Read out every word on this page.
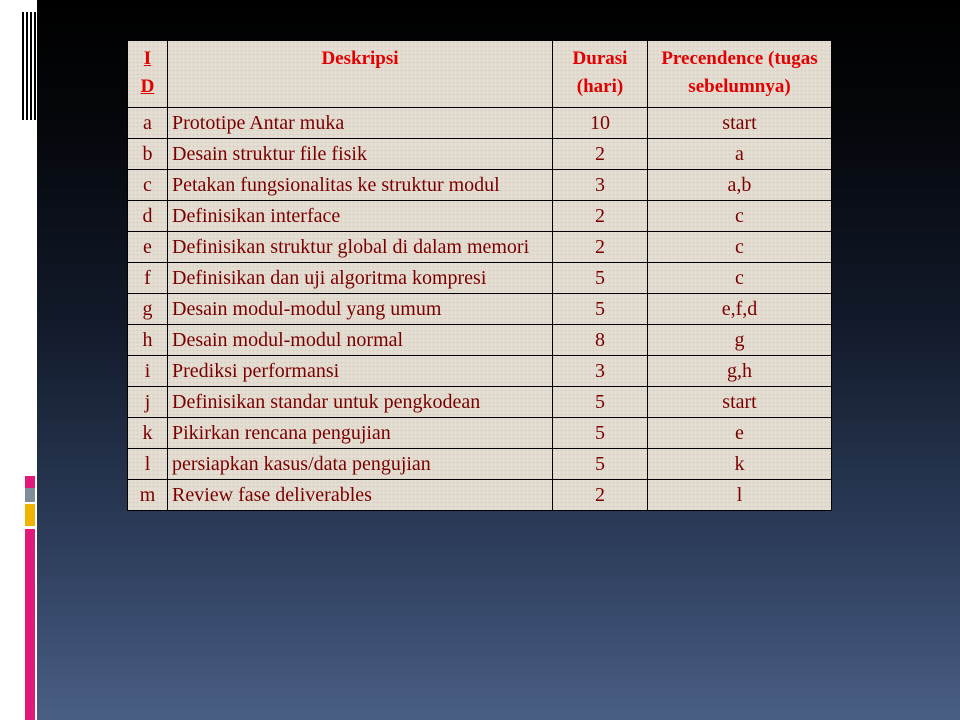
I
D	Deskripsi	Durasi (hari)	Precendence (tugas sebelumnya)
a	Prototipe Antar muka	10	start
b	Desain struktur file fisik	2	a
c	Petakan fungsionalitas ke struktur modul	3	a,b
d	Definisikan interface	2	c
e	Definisikan struktur global di dalam memori	2	c
f	Definisikan dan uji algoritma kompresi	5	c
g	Desain modul-modul yang umum	5	e,f,d
h	Desain modul-modul normal	8	g
i	Prediksi performansi	3	g,h
j	Definisikan standar untuk pengkodean	5	start
k	Pikirkan rencana pengujian	5	e
l	persiapkan kasus/data pengujian	5	k
m	Review fase deliverables	2	l
